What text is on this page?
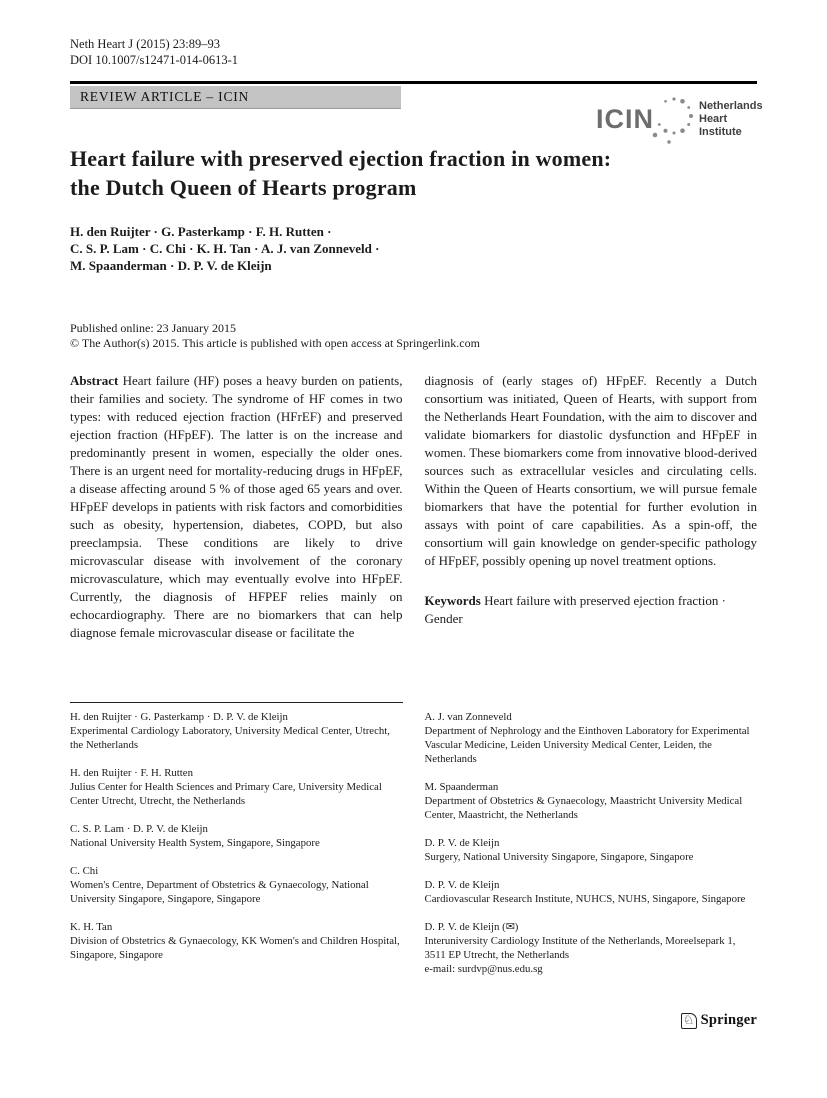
Neth Heart J (2015) 23:89–93
DOI 10.1007/s12471-014-0613-1
REVIEW ARTICLE – ICIN
ICIN	Netherlands
Heart Institute
Heart failure with preserved ejection fraction in women:
the Dutch Queen of Hearts program
H. den Ruijter · G. Pasterkamp · F. H. Rutten ·
C. S. P. Lam · C. Chi · K. H. Tan · A. J. van Zonneveld ·
M. Spaanderman · D. P. V. de Kleijn
Published online: 23 January 2015
© The Author(s) 2015. This article is published with open access at Springerlink.com
Abstract Heart failure (HF) poses a heavy burden on patients, their families and society. The syndrome of HF comes in two types: with reduced ejection fraction (HFrEF) and preserved ejection fraction (HFpEF). The latter is on the increase and predominantly present in women, especially the older ones. There is an urgent need for mortality-reducing drugs in HFpEF, a disease affecting around 5 % of those aged 65 years and over. HFpEF develops in patients with risk factors and comorbidities such as obesity, hypertension, diabetes, COPD, but also preeclampsia. These conditions are likely to drive microvascular disease with involvement of the coronary microvasculature, which may eventually evolve into HFpEF. Currently, the diagnosis of HFPEF relies mainly on echocardiography. There are no biomarkers that can help diagnose female microvascular disease or facilitate the
diagnosis of (early stages of) HFpEF. Recently a Dutch consortium was initiated, Queen of Hearts, with support from the Netherlands Heart Foundation, with the aim to discover and validate biomarkers for diastolic dysfunction and HFpEF in women. These biomarkers come from innovative blood-derived sources such as extracellular vesicles and circulating cells. Within the Queen of Hearts consortium, we will pursue female biomarkers that have the potential for further evolution in assays with point of care capabilities. As a spin-off, the consortium will gain knowledge on gender-specific pathology of HFpEF, possibly opening up novel treatment options.
Keywords Heart failure with preserved ejection fraction · Gender
H. den Ruijter · G. Pasterkamp · D. P. V. de Kleijn
Experimental Cardiology Laboratory, University Medical Center, Utrecht, the Netherlands
H. den Ruijter · F. H. Rutten
Julius Center for Health Sciences and Primary Care, University Medical Center Utrecht, Utrecht, the Netherlands
C. S. P. Lam · D. P. V. de Kleijn
National University Health System, Singapore, Singapore
C. Chi
Women's Centre, Department of Obstetrics & Gynaecology, National University Singapore, Singapore, Singapore
K. H. Tan
Division of Obstetrics & Gynaecology, KK Women's and Children Hospital, Singapore, Singapore
A. J. van Zonneveld
Department of Nephrology and the Einthoven Laboratory for Experimental Vascular Medicine, Leiden University Medical Center, Leiden, the Netherlands
M. Spaanderman
Department of Obstetrics & Gynaecology, Maastricht University Medical Center, Maastricht, the Netherlands
D. P. V. de Kleijn
Surgery, National University Singapore, Singapore, Singapore
D. P. V. de Kleijn
Cardiovascular Research Institute, NUHCS, NUHS, Singapore, Singapore
D. P. V. de Kleijn (✉)
Interuniversity Cardiology Institute of the Netherlands, Moreelsepark 1, 3511 EP Utrecht, the Netherlands
e-mail: surdvp@nus.edu.sg
♘ Springer
